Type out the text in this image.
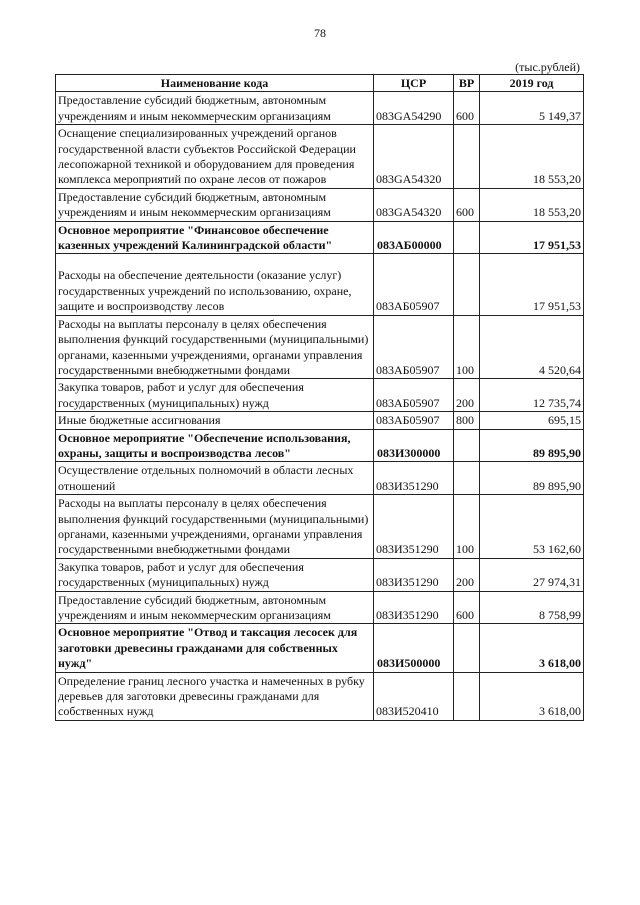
78
(тыс.рублей)
Наименование кода	ЦСР	ВР	2019 год
Предоставление субсидий бюджетным, автономным учреждениям и иным некоммерческим организациям	083GA54290	600	5 149,37
Оснащение специализированных учреждений органов государственной власти субъектов Российской Федерации лесопожарной техникой и оборудованием для проведения комплекса мероприятий по охране лесов от пожаров	083GA54320		18 553,20
Предоставление субсидий бюджетным, автономным учреждениям и иным некоммерческим организациям	083GA54320	600	18 553,20
Основное мероприятие "Финансовое обеспечение казенных учреждений Калининградской области"	083АБ00000		17 951,53
Расходы на обеспечение деятельности (оказание услуг) государственных учреждений по использованию, охране, защите и воспроизводству лесов	083АБ05907		17 951,53
Расходы на выплаты персоналу в целях обеспечения выполнения функций государственными (муниципальными) органами, казенными учреждениями, органами управления государственными внебюджетными фондами	083АБ05907	100	4 520,64
Закупка товаров, работ и услуг для обеспечения государственных (муниципальных) нужд	083АБ05907	200	12 735,74
Иные бюджетные ассигнования	083АБ05907	800	695,15
Основное мероприятие "Обеспечение использования, охраны, защиты и воспроизводства лесов"	083И300000		89 895,90
Осуществление отдельных полномочий в области лесных отношений	083И351290		89 895,90
Расходы на выплаты персоналу в целях обеспечения выполнения функций государственными (муниципальными) органами, казенными учреждениями, органами управления государственными внебюджетными фондами	083И351290	100	53 162,60
Закупка товаров, работ и услуг для обеспечения государственных (муниципальных) нужд	083И351290	200	27 974,31
Предоставление субсидий бюджетным, автономным учреждениям и иным некоммерческим организациям	083И351290	600	8 758,99
Основное мероприятие "Отвод и таксация лесосек для заготовки древесины гражданами для собственных нужд"	083И500000		3 618,00
Определение границ лесного участка и намеченных в рубку деревьев для заготовки древесины гражданами для собственных нужд	083И520410		3 618,00
